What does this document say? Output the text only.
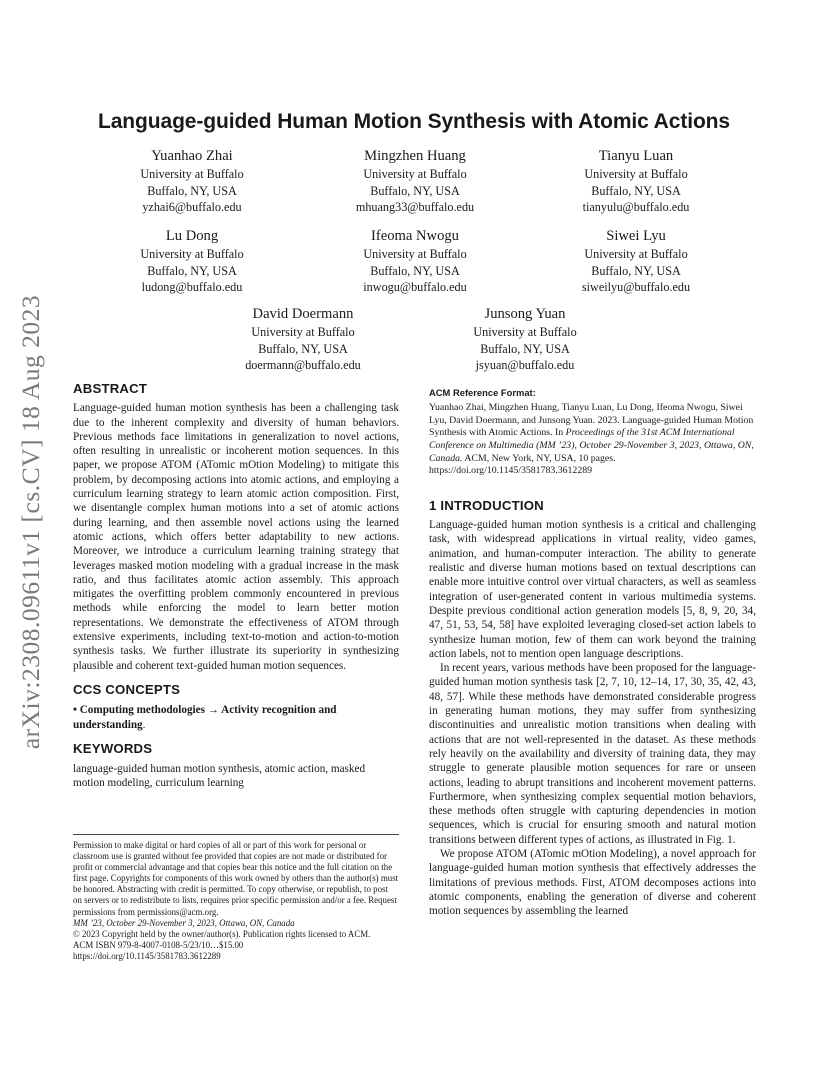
arXiv:2308.09611v1 [cs.CV] 18 Aug 2023
Language-guided Human Motion Synthesis with Atomic Actions
Yuanhao Zhai
University at Buffalo
Buffalo, NY, USA
yzhai6@buffalo.edu
Mingzhen Huang
University at Buffalo
Buffalo, NY, USA
mhuang33@buffalo.edu
Tianyu Luan
University at Buffalo
Buffalo, NY, USA
tianyulu@buffalo.edu
Lu Dong
University at Buffalo
Buffalo, NY, USA
ludong@buffalo.edu
Ifeoma Nwogu
University at Buffalo
Buffalo, NY, USA
inwogu@buffalo.edu
Siwei Lyu
University at Buffalo
Buffalo, NY, USA
siweilyu@buffalo.edu
David Doermann
University at Buffalo
Buffalo, NY, USA
doermann@buffalo.edu
Junsong Yuan
University at Buffalo
Buffalo, NY, USA
jsyuan@buffalo.edu
ABSTRACT

Language-guided human motion synthesis has been a challenging task due to the inherent complexity and diversity of human behaviors. Previous methods face limitations in generalization to novel actions, often resulting in unrealistic or incoherent motion sequences. In this paper, we propose ATOM (ATomic mOtion Modeling) to mitigate this problem, by decomposing actions into atomic actions, and employing a curriculum learning strategy to learn atomic action composition. First, we disentangle complex human motions into a set of atomic actions during learning, and then assemble novel actions using the learned atomic actions, which offers better adaptability to new actions. Moreover, we introduce a curriculum learning training strategy that leverages masked motion modeling with a gradual increase in the mask ratio, and thus facilitates atomic action assembly. This approach mitigates the overfitting problem commonly encountered in previous methods while enforcing the model to learn better motion representations. We demonstrate the effectiveness of ATOM through extensive experiments, including text-to-motion and action-to-motion synthesis tasks. We further illustrate its superiority in synthesizing plausible and coherent text-guided human motion sequences.

CCS CONCEPTS

• Computing methodologies → Activity recognition and understanding.

KEYWORDS

language-guided human motion synthesis, atomic action, masked motion modeling, curriculum learning

Permission to make digital or hard copies of all or part of this work for personal or classroom use is granted without fee provided that copies are not made or distributed for profit or commercial advantage and that copies bear this notice and the full citation on the first page. Copyrights for components of this work owned by others than the author(s) must be honored. Abstracting with credit is permitted. To copy otherwise, or republish, to post on servers or to redistribute to lists, requires prior specific permission and/or a fee. Request permissions from permissions@acm.org.

MM ’23, October 29-November 3, 2023, Ottawa, ON, Canada

© 2023 Copyright held by the owner/author(s). Publication rights licensed to ACM.

ACM ISBN 979-8-4007-0108-5/23/10…$15.00

https://doi.org/10.1145/3581783.3612289

ACM Reference Format:

Yuanhao Zhai, Mingzhen Huang, Tianyu Luan, Lu Dong, Ifeoma Nwogu, Siwei Lyu, David Doermann, and Junsong Yuan. 2023. Language-guided Human Motion Synthesis with Atomic Actions. In Proceedings of the 31st ACM International Conference on Multimedia (MM ’23), October 29-November 3, 2023, Ottawa, ON, Canada. ACM, New York, NY, USA, 10 pages. https://doi.org/10.1145/3581783.3612289

1 INTRODUCTION

Language-guided human motion synthesis is a critical and challenging task, with widespread applications in virtual reality, video games, animation, and human-computer interaction. The ability to generate realistic and diverse human motions based on textual descriptions can enable more intuitive control over virtual characters, as well as seamless integration of user-generated content in various multimedia systems. Despite previous conditional action generation models [5, 8, 9, 20, 34, 47, 51, 53, 54, 58] have exploited leveraging closed-set action labels to synthesize human motion, few of them can work beyond the training action labels, not to mention open language descriptions.

In recent years, various methods have been proposed for the language-guided human motion synthesis task [2, 7, 10, 12–14, 17, 30, 35, 42, 43, 48, 57]. While these methods have demonstrated considerable progress in generating human motions, they may suffer from synthesizing discontinuities and unrealistic motion transitions when dealing with actions that are not well-represented in the dataset. As these methods rely heavily on the availability and diversity of training data, they may struggle to generate plausible motion sequences for rare or unseen actions, leading to abrupt transitions and incoherent movement patterns. Furthermore, when synthesizing complex sequential motion behaviors, these methods often struggle with capturing dependencies in motion sequences, which is crucial for ensuring smooth and natural motion transitions between different types of actions, as illustrated in Fig. 1.

We propose ATOM (ATomic mOtion Modeling), a novel approach for language-guided human motion synthesis that effectively addresses the limitations of previous methods. First, ATOM decomposes actions into atomic components, enabling the generation of diverse and coherent motion sequences by assembling the learned
